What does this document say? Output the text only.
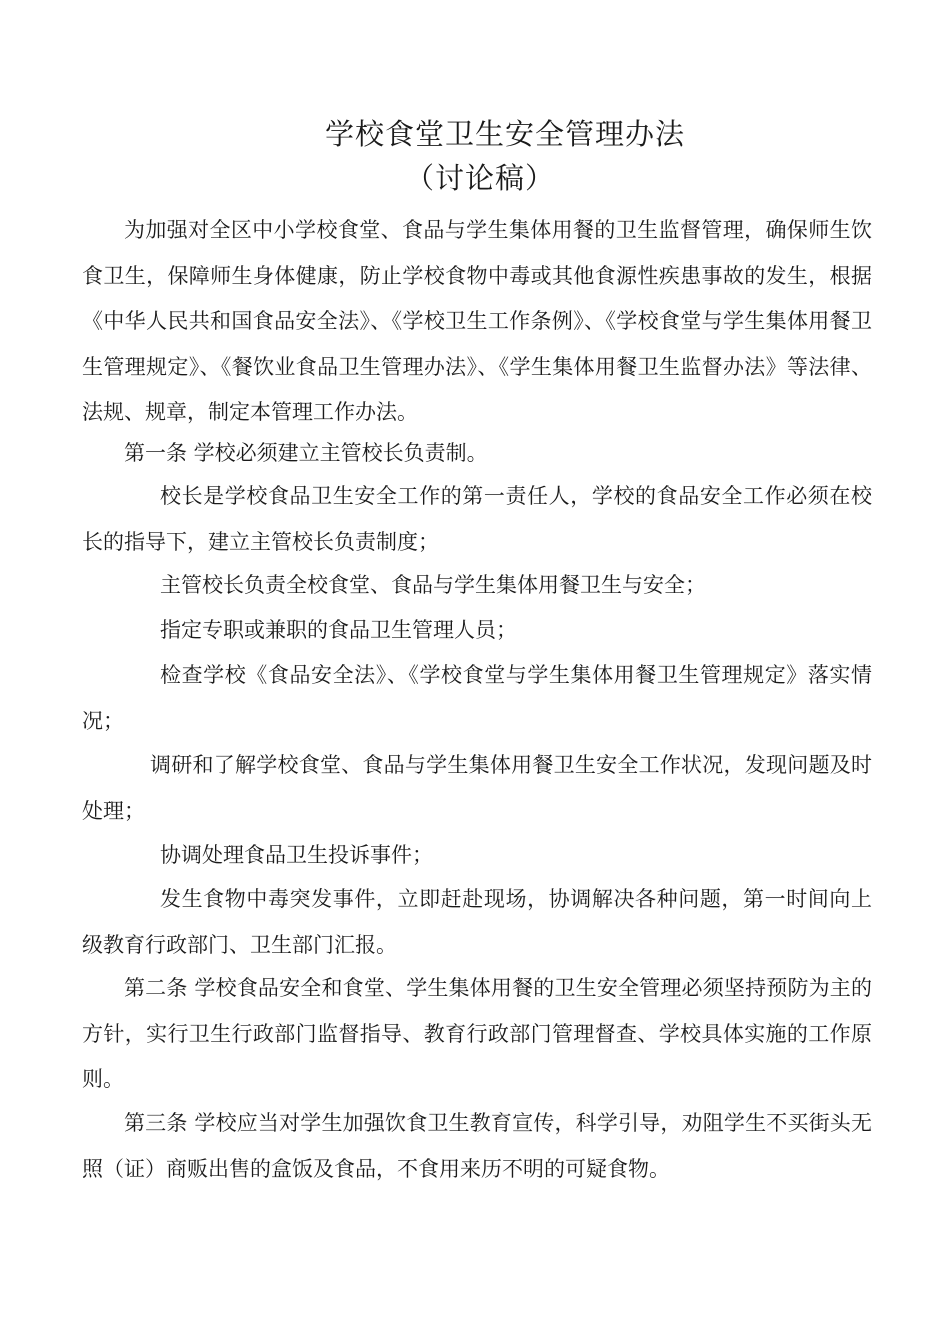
学校食堂卫生安全管理办法
（讨论稿）
为加强对全区中小学校食堂、食品与学生集体用餐的卫生监督管理，确保师生饮食卫生，保障师生身体健康，防止学校食物中毒或其他食源性疾患事故的发生，根据《中华人民共和国食品安全法》、《学校卫生工作条例》、《学校食堂与学生集体用餐卫生管理规定》、《餐饮业食品卫生管理办法》、《学生集体用餐卫生监督办法》等法律、法规、规章，制定本管理工作办法。
第一条 学校必须建立主管校长负责制。
校长是学校食品卫生安全工作的第一责任人，学校的食品安全工作必须在校长的指导下，建立主管校长负责制度；
主管校长负责全校食堂、食品与学生集体用餐卫生与安全；
指定专职或兼职的食品卫生管理人员；
检查学校《食品安全法》、《学校食堂与学生集体用餐卫生管理规定》落实情况；
调研和了解学校食堂、食品与学生集体用餐卫生安全工作状况，发现问题及时处理；
协调处理食品卫生投诉事件；
发生食物中毒突发事件，立即赶赴现场，协调解决各种问题，第一时间向上级教育行政部门、卫生部门汇报。
第二条 学校食品安全和食堂、学生集体用餐的卫生安全管理必须坚持预防为主的方针，实行卫生行政部门监督指导、教育行政部门管理督查、学校具体实施的工作原则。
第三条 学校应当对学生加强饮食卫生教育宣传，科学引导，劝阻学生不买街头无照（证）商贩出售的盒饭及食品，不食用来历不明的可疑食物。
